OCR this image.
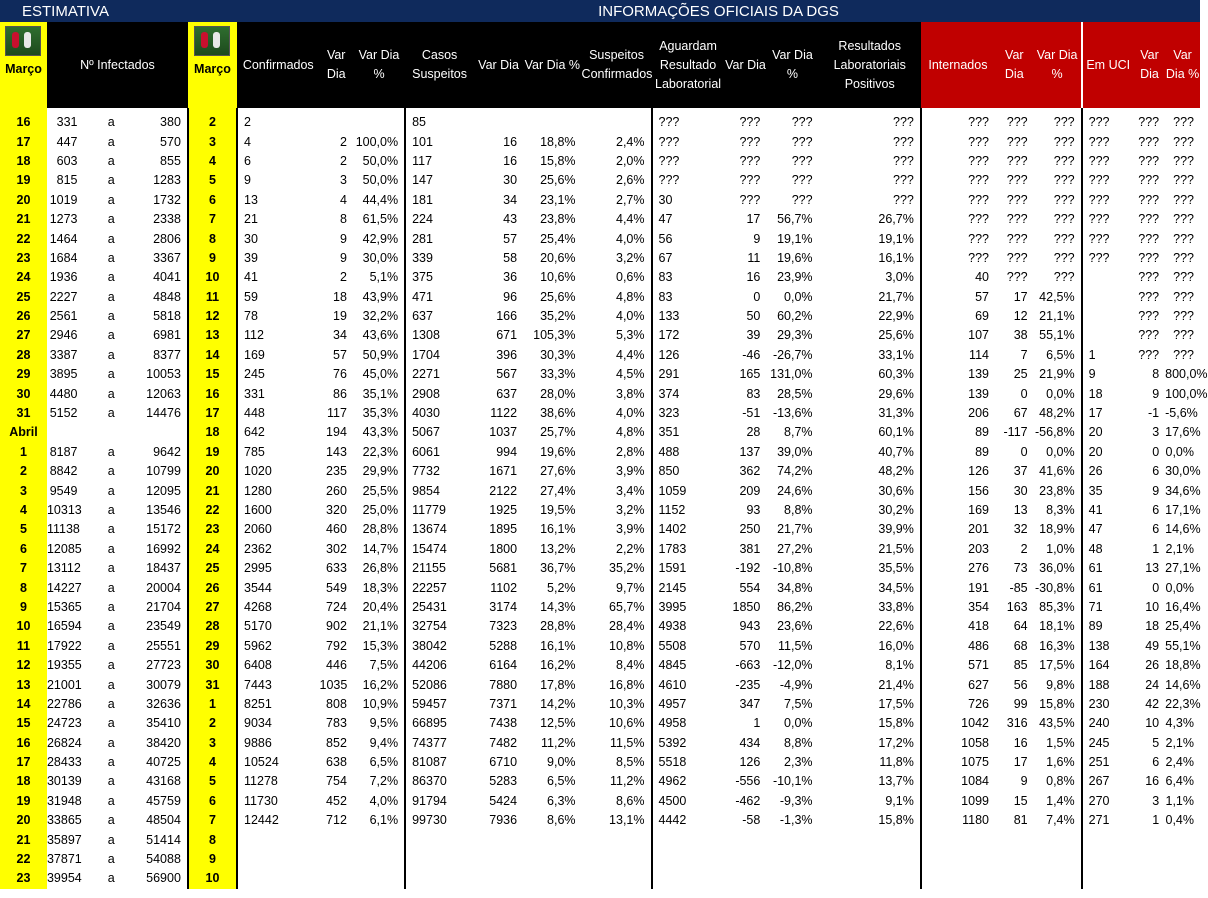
ESTIMATIVA					INFORMAÇÕES OFICIAIS DA DGS																

Março	Nº Infectados			Março	Confirmados	Var Dia	Var Dia %	Casos Suspeitos	Var Dia	Var Dia %	Suspeitos Confirmados	Aguardam Resultado Laboratorial	Var Dia	Var Dia %	Resultados Laboratoriais Positivos	Internados	Var Dia	Var Dia %	Em UCI	Var Dia	Var Dia %

16	331	a	380	2	2			85				???	???	???	???	???	???	???	???	???	???
17	447	a	570	3	4	2	100,0%	101	16	18,8%	2,4%	???	???	???	???	???	???	???	???	???	???
18	603	a	855	4	6	2	50,0%	117	16	15,8%	2,0%	???	???	???	???	???	???	???	???	???	???
19	815	a	1283	5	9	3	50,0%	147	30	25,6%	2,6%	???	???	???	???	???	???	???	???	???	???
20	1019	a	1732	6	13	4	44,4%	181	34	23,1%	2,7%	30	???	???	???	???	???	???	???	???	???
21	1273	a	2338	7	21	8	61,5%	224	43	23,8%	4,4%	47	17	56,7%	26,7%	???	???	???	???	???	???
22	1464	a	2806	8	30	9	42,9%	281	57	25,4%	4,0%	56	9	19,1%	19,1%	???	???	???	???	???	???
23	1684	a	3367	9	39	9	30,0%	339	58	20,6%	3,2%	67	11	19,6%	16,1%	???	???	???	???	???	???
24	1936	a	4041	10	41	2	5,1%	375	36	10,6%	0,6%	83	16	23,9%	3,0%	40	???	???		???	???
25	2227	a	4848	11	59	18	43,9%	471	96	25,6%	4,8%	83	0	0,0%	21,7%	57	17	42,5%		???	???
26	2561	a	5818	12	78	19	32,2%	637	166	35,2%	4,0%	133	50	60,2%	22,9%	69	12	21,1%		???	???
27	2946	a	6981	13	112	34	43,6%	1308	671	105,3%	5,3%	172	39	29,3%	25,6%	107	38	55,1%		???	???
28	3387	a	8377	14	169	57	50,9%	1704	396	30,3%	4,4%	126	-46	-26,7%	33,1%	114	7	6,5%	1	???	???
29	3895	a	10053	15	245	76	45,0%	2271	567	33,3%	4,5%	291	165	131,0%	60,3%	139	25	21,9%	9	8	800,0%
30	4480	a	12063	16	331	86	35,1%	2908	637	28,0%	3,8%	374	83	28,5%	29,6%	139	0	0,0%	18	9	100,0%
31	5152	a	14476	17	448	117	35,3%	4030	1122	38,6%	4,0%	323	-51	-13,6%	31,3%	206	67	48,2%	17	-1	-5,6%
Abril				18	642	194	43,3%	5067	1037	25,7%	4,8%	351	28	8,7%	60,1%	89	-117	-56,8%	20	3	17,6%
1	8187	a	9642	19	785	143	22,3%	6061	994	19,6%	2,8%	488	137	39,0%	40,7%	89	0	0,0%	20	0	0,0%
2	8842	a	10799	20	1020	235	29,9%	7732	1671	27,6%	3,9%	850	362	74,2%	48,2%	126	37	41,6%	26	6	30,0%
3	9549	a	12095	21	1280	260	25,5%	9854	2122	27,4%	3,4%	1059	209	24,6%	30,6%	156	30	23,8%	35	9	34,6%
4	10313	a	13546	22	1600	320	25,0%	11779	1925	19,5%	3,2%	1152	93	8,8%	30,2%	169	13	8,3%	41	6	17,1%
5	11138	a	15172	23	2060	460	28,8%	13674	1895	16,1%	3,9%	1402	250	21,7%	39,9%	201	32	18,9%	47	6	14,6%
6	12085	a	16992	24	2362	302	14,7%	15474	1800	13,2%	2,2%	1783	381	27,2%	21,5%	203	2	1,0%	48	1	2,1%
7	13112	a	18437	25	2995	633	26,8%	21155	5681	36,7%	35,2%	1591	-192	-10,8%	35,5%	276	73	36,0%	61	13	27,1%
8	14227	a	20004	26	3544	549	18,3%	22257	1102	5,2%	9,7%	2145	554	34,8%	34,5%	191	-85	-30,8%	61	0	0,0%
9	15365	a	21704	27	4268	724	20,4%	25431	3174	14,3%	65,7%	3995	1850	86,2%	33,8%	354	163	85,3%	71	10	16,4%
10	16594	a	23549	28	5170	902	21,1%	32754	7323	28,8%	28,4%	4938	943	23,6%	22,6%	418	64	18,1%	89	18	25,4%
11	17922	a	25551	29	5962	792	15,3%	38042	5288	16,1%	10,8%	5508	570	11,5%	16,0%	486	68	16,3%	138	49	55,1%
12	19355	a	27723	30	6408	446	7,5%	44206	6164	16,2%	8,4%	4845	-663	-12,0%	8,1%	571	85	17,5%	164	26	18,8%
13	21001	a	30079	31	7443	1035	16,2%	52086	7880	17,8%	16,8%	4610	-235	-4,9%	21,4%	627	56	9,8%	188	24	14,6%
14	22786	a	32636	1	8251	808	10,9%	59457	7371	14,2%	10,3%	4957	347	7,5%	17,5%	726	99	15,8%	230	42	22,3%
15	24723	a	35410	2	9034	783	9,5%	66895	7438	12,5%	10,6%	4958	1	0,0%	15,8%	1042	316	43,5%	240	10	4,3%
16	26824	a	38420	3	9886	852	9,4%	74377	7482	11,2%	11,5%	5392	434	8,8%	17,2%	1058	16	1,5%	245	5	2,1%
17	28433	a	40725	4	10524	638	6,5%	81087	6710	9,0%	8,5%	5518	126	2,3%	11,8%	1075	17	1,6%	251	6	2,4%
18	30139	a	43168	5	11278	754	7,2%	86370	5283	6,5%	11,2%	4962	-556	-10,1%	13,7%	1084	9	0,8%	267	16	6,4%
19	31948	a	45759	6	11730	452	4,0%	91794	5424	6,3%	8,6%	4500	-462	-9,3%	9,1%	1099	15	1,4%	270	3	1,1%
20	33865	a	48504	7	12442	712	6,1%	99730	7936	8,6%	13,1%	4442	-58	-1,3%	15,8%	1180	81	7,4%	271	1	0,4%
21	35897	a	51414	8																	
22	37871	a	54088	9																	
23	39954	a	56900	10																	
